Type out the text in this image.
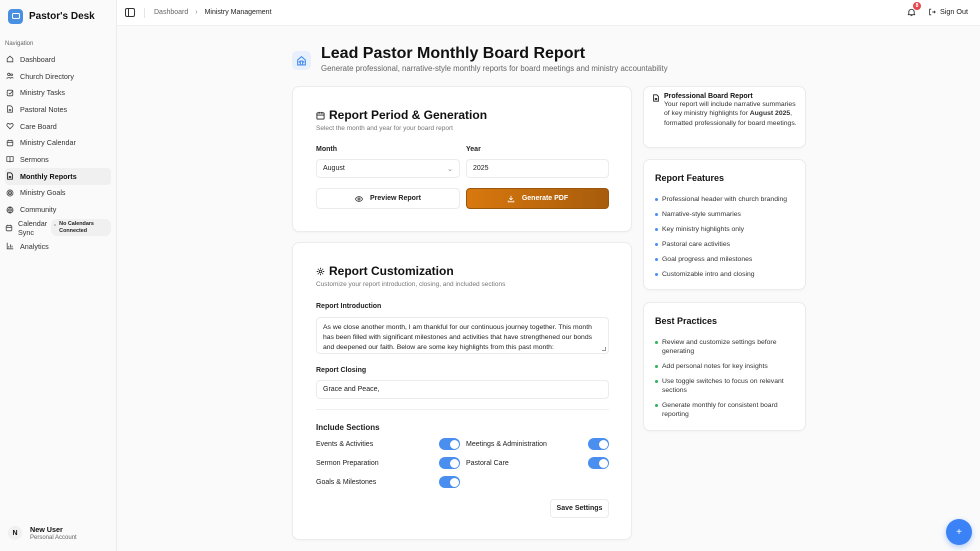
Pastor's Desk
Navigation
Dashboard
Church Directory
Ministry Tasks
Pastoral Notes
Care Board
Ministry Calendar
Sermons
Monthly Reports
Ministry Goals
Community
Calendar Sync
No Calendars Connected
Analytics
N	New User
Personal Account
Dashboard › Ministry Management
8
Sign Out
Lead Pastor Monthly Board Report
Generate professional, narrative-style monthly reports for board meetings and ministry accountability
Report Period & Generation
Select the month and year for your board report
Month
August	⌄
Year
2025
Preview Report	Generate PDF
Report Customization
Customize your report introduction, closing, and included sections
Report Introduction
As we close another month, I am thankful for our continuous journey together. This month has been filled with significant milestones and activities that have strengthened our bonds and deepened our faith. Below are some key highlights from this past month:
Report Closing
Grace and Peace,
Include Sections
Events & Activities	Meetings & Administration
Sermon Preparation	Pastoral Care
Goals & Milestones
Save Settings
Professional Board Report
Your report will include narrative summaries of key ministry highlights for August 2025, formatted professionally for board meetings.
Report Features
Professional header with church branding
Narrative-style summaries
Key ministry highlights only
Pastoral care activities
Goal progress and milestones
Customizable intro and closing
Best Practices
Review and customize settings before generating
Add personal notes for key insights
Use toggle switches to focus on relevant sections
Generate monthly for consistent board reporting
+
